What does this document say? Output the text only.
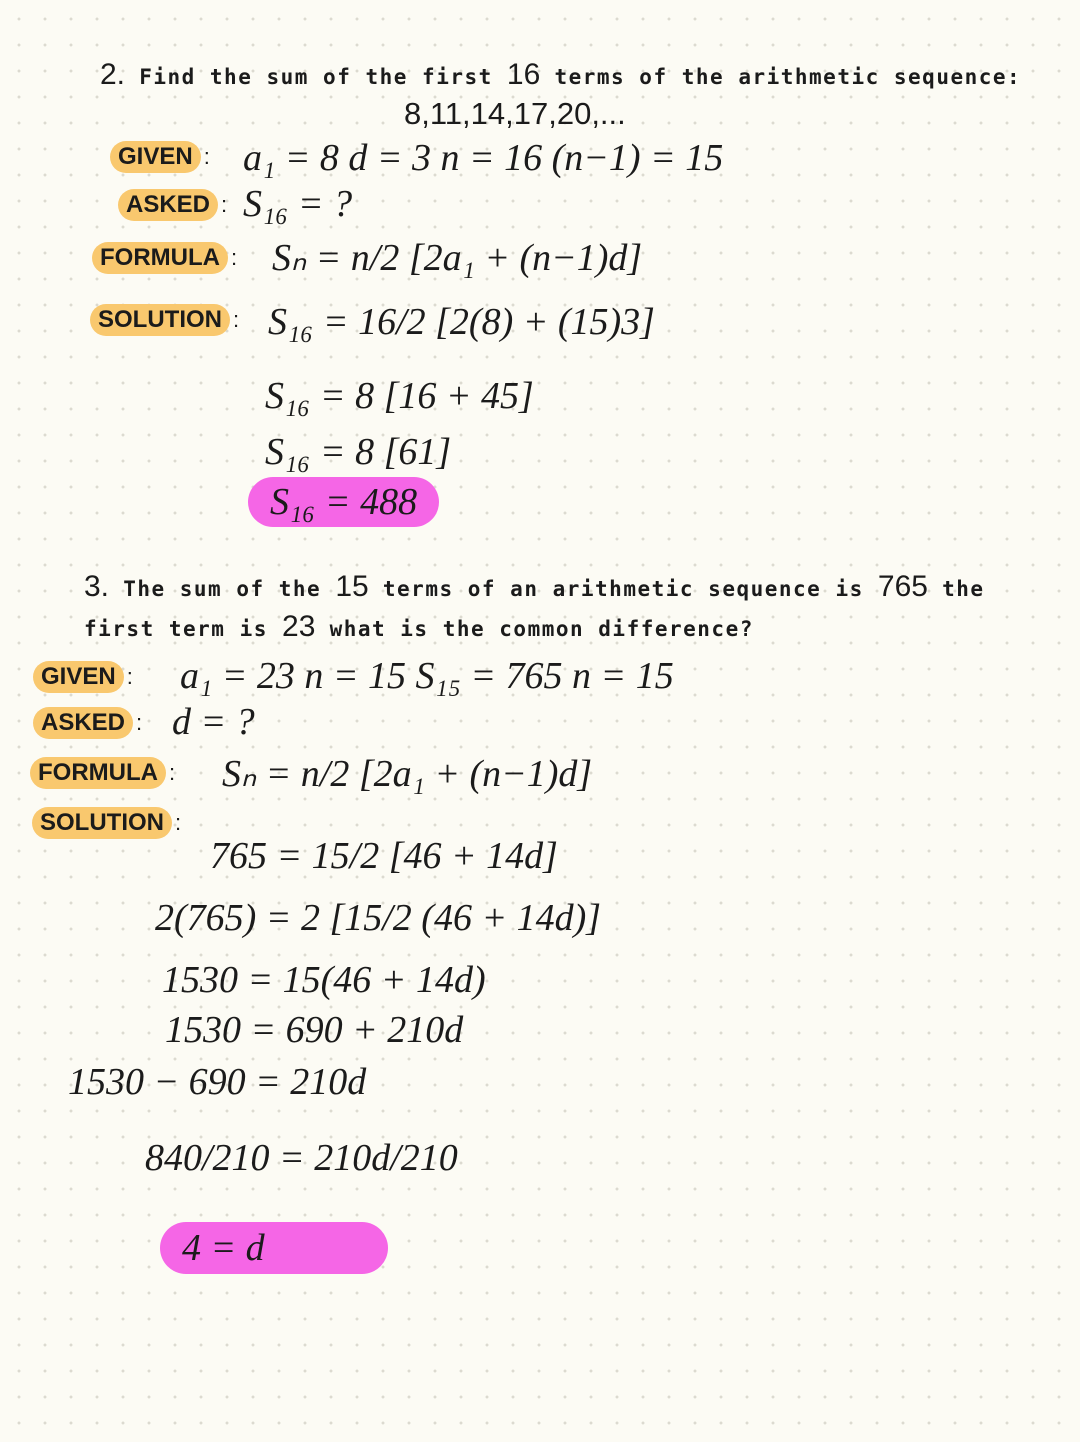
2. Find the sum of the first 16 terms of the arithmetic sequence:
8,11,14,17,20,...
GIVEN : a₁ = 8 d = 3 n = 16 (n−1) = 15
ASKED : S₁₆ = ?
FORMULA : Sₙ = n/2 [2a₁ + (n−1)d]
SOLUTION : S₁₆ = 16/2 [2(8) + (15)3]
S₁₆ = 8 [16 + 45]
S₁₆ = 8 [61]
S₁₆ = 488
3. The sum of the 15 terms of an arithmetic sequence is 765 the
first term is 23 what is the common difference?
GIVEN : a₁ = 23 n = 15 S₁₅ = 765 n = 15
ASKED : d = ?
FORMULA : Sₙ = n/2 [2a₁ + (n−1)d]
SOLUTION :
765 = 15/2 [46 + 14d]
2(765) = 2 [15/2 (46 + 14d)]
1530 = 15(46 + 14d)
1530 = 690 + 210d
1530 − 690 = 210d
840/210 = 210d/210
4 = d
